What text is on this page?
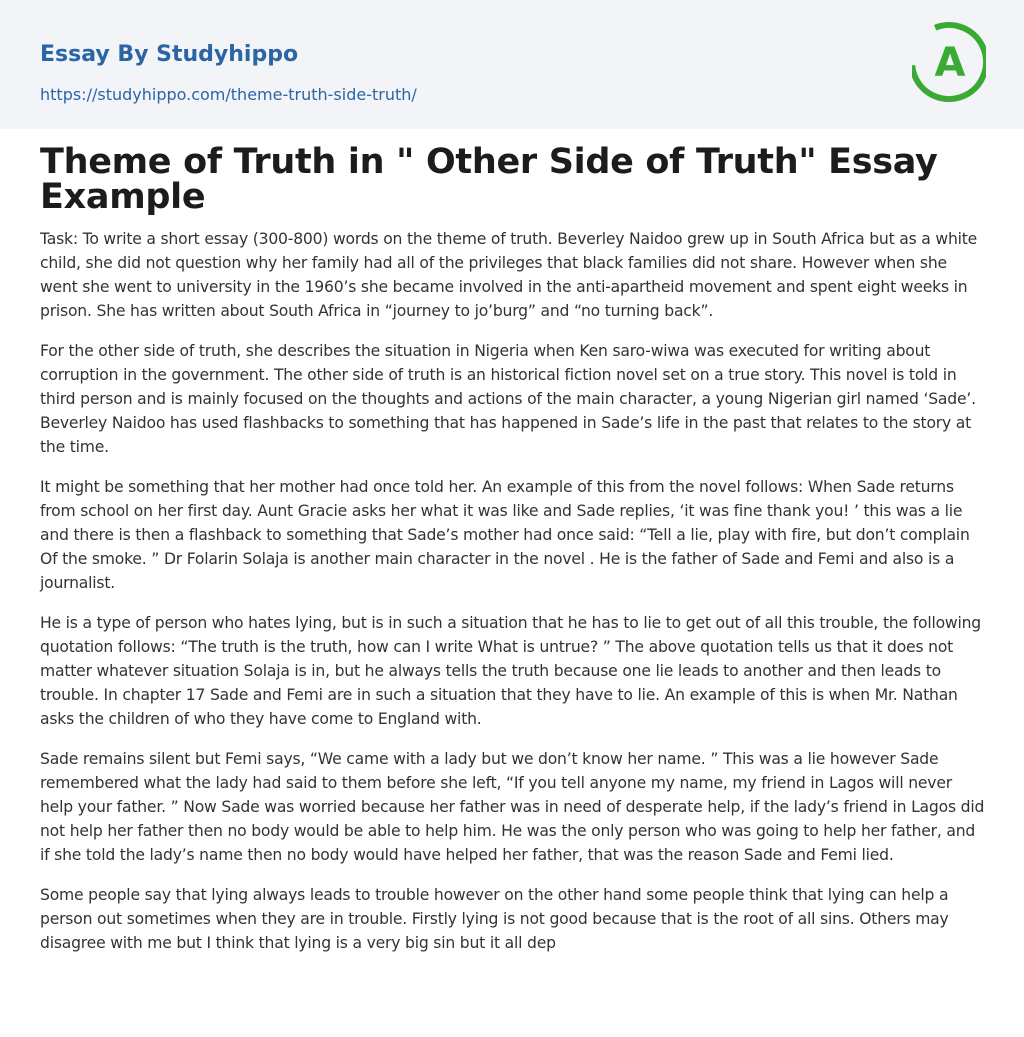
Essay By Studyhippo

https://studyhippo.com/theme-truth-side-truth/
A
Theme of Truth in " Other Side of Truth" Essay Example

Task: To write a short essay (300-800) words on the theme of truth. Beverley Naidoo grew up in South Africa but as a white child, she did not question why her family had all of the privileges that black families did not share. However when she went she went to university in the 1960’s she became involved in the anti-apartheid movement and spent eight weeks in prison. She has written about South Africa in “journey to jo’burg” and “no turning back”.

For the other side of truth, she describes the situation in Nigeria when Ken saro-wiwa was executed for writing about corruption in the government. The other side of truth is an historical fiction novel set on a true story. This novel is told in third person and is mainly focused on the thoughts and actions of the main character, a young Nigerian girl named ‘Sade’. Beverley Naidoo has used flashbacks to something that has happened in Sade’s life in the past that relates to the story at the time.

It might be something that her mother had once told her. An example of this from the novel follows: When Sade returns from school on her first day. Aunt Gracie asks her what it was like and Sade replies, ‘it was fine thank you! ’ this was a lie and there is then a flashback to something that Sade’s mother had once said: “Tell a lie, play with fire, but don’t complain Of the smoke. ” Dr Folarin Solaja is another main character in the novel . He is the father of Sade and Femi and also is a journalist.

He is a type of person who hates lying, but is in such a situation that he has to lie to get out of all this trouble, the following quotation follows: “The truth is the truth, how can I write What is untrue? ” The above quotation tells us that it does not matter whatever situation Solaja is in, but he always tells the truth because one lie leads to another and then leads to trouble. In chapter 17 Sade and Femi are in such a situation that they have to lie. An example of this is when Mr. Nathan asks the children of who they have come to England with.

Sade remains silent but Femi says, “We came with a lady but we don’t know her name. ” This was a lie however Sade remembered what the lady had said to them before she left, “If you tell anyone my name, my friend in Lagos will never help your father. ” Now Sade was worried because her father was in need of desperate help, if the lady’s friend in Lagos did not help her father then no body would be able to help him. He was the only person who was going to help her father, and if she told the lady’s name then no body would have helped her father, that was the reason Sade and Femi lied.

Some people say that lying always leads to trouble however on the other hand some people think that lying can help a person out sometimes when they are in trouble. Firstly lying is not good because that is the root of all sins. Others may disagree with me but I think that lying is a very big sin but it all dep
